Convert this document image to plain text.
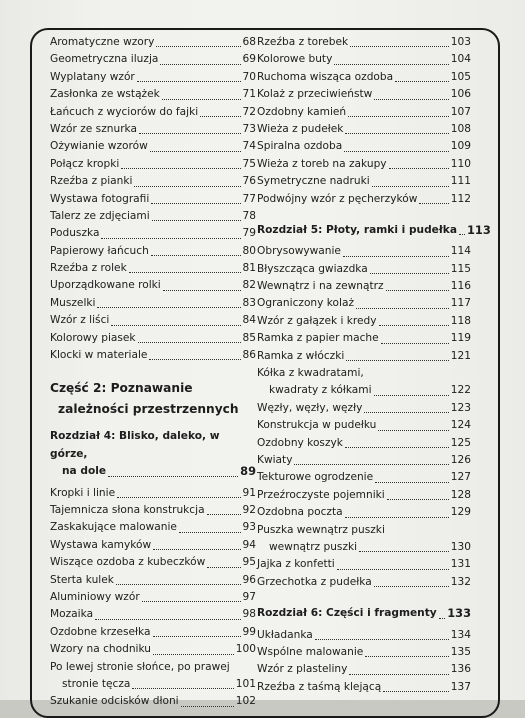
Aromatyczne wzory	68
Geometryczna iluzja	69
Wyplatany wzór	70
Zasłonka ze wstążek	71
Łańcuch z wyciorów do fajki	72
Wzór ze sznurka	73
Ożywianie wzorów	74
Połącz kropki	75
Rzeźba z pianki	76
Wystawa fotografii	77
Talerz ze zdjęciami	78
Poduszka	79
Papierowy łańcuch	80
Rzeźba z rolek	81
Uporządkowane rolki	82
Muszelki	83
Wzór z liści	84
Kolorowy piasek	85
Klocki w materiale	86
Część 2: Poznawanie
zależności przestrzennych
Rozdział 4: Blisko, daleko, w górze,
na dole	89
Kropki i linie	91
Tajemnicza słona konstrukcja	92
Zaskakujące malowanie	93
Wystawa kamyków	94
Wiszące ozdoba z kubeczków	95
Sterta kulek	96
Aluminiowy wzór	97
Mozaika	98
Ozdobne krzesełka	99
Wzory na chodniku	100
Po lewej stronie słońce, po prawej
stronie tęcza	101
Szukanie odcisków dłoni	102
Rzeźba z torebek	103
Kolorowe buty	104
Ruchoma wisząca ozdoba	105
Kolaż z przeciwieństw	106
Ozdobny kamień	107
Wieża z pudełek	108
Spiralna ozdoba	109
Wieża z toreb na zakupy	110
Symetryczne nadruki	111
Podwójny wzór z pęcherzyków	112
Rozdział 5: Płoty, ramki i pudełka 113
Obrysowywanie	114
Błyszcząca gwiazdka	115
Wewnątrz i na zewnątrz	116
Ograniczony kolaż	117
Wzór z gałązek i kredy	118
Ramka z papier mache	119
Ramka z włóczki	121
Kółka z kwadratami,
kwadraty z kółkami	122
Węzły, węzły, węzły	123
Konstrukcja w pudełku	124
Ozdobny koszyk	125
Kwiaty	126
Tekturowe ogrodzenie	127
Przeźroczyste pojemniki	128
Ozdobna poczta	129
Puszka wewnątrz puszki
wewnątrz puszki	130
Jajka z konfetti	131
Grzechotka z pudełka	132
Rozdział 6: Części i fragmenty 133
Układanka	134
Wspólne malowanie	135
Wzór z plasteliny	136
Rzeźba z taśmą klejącą	137
